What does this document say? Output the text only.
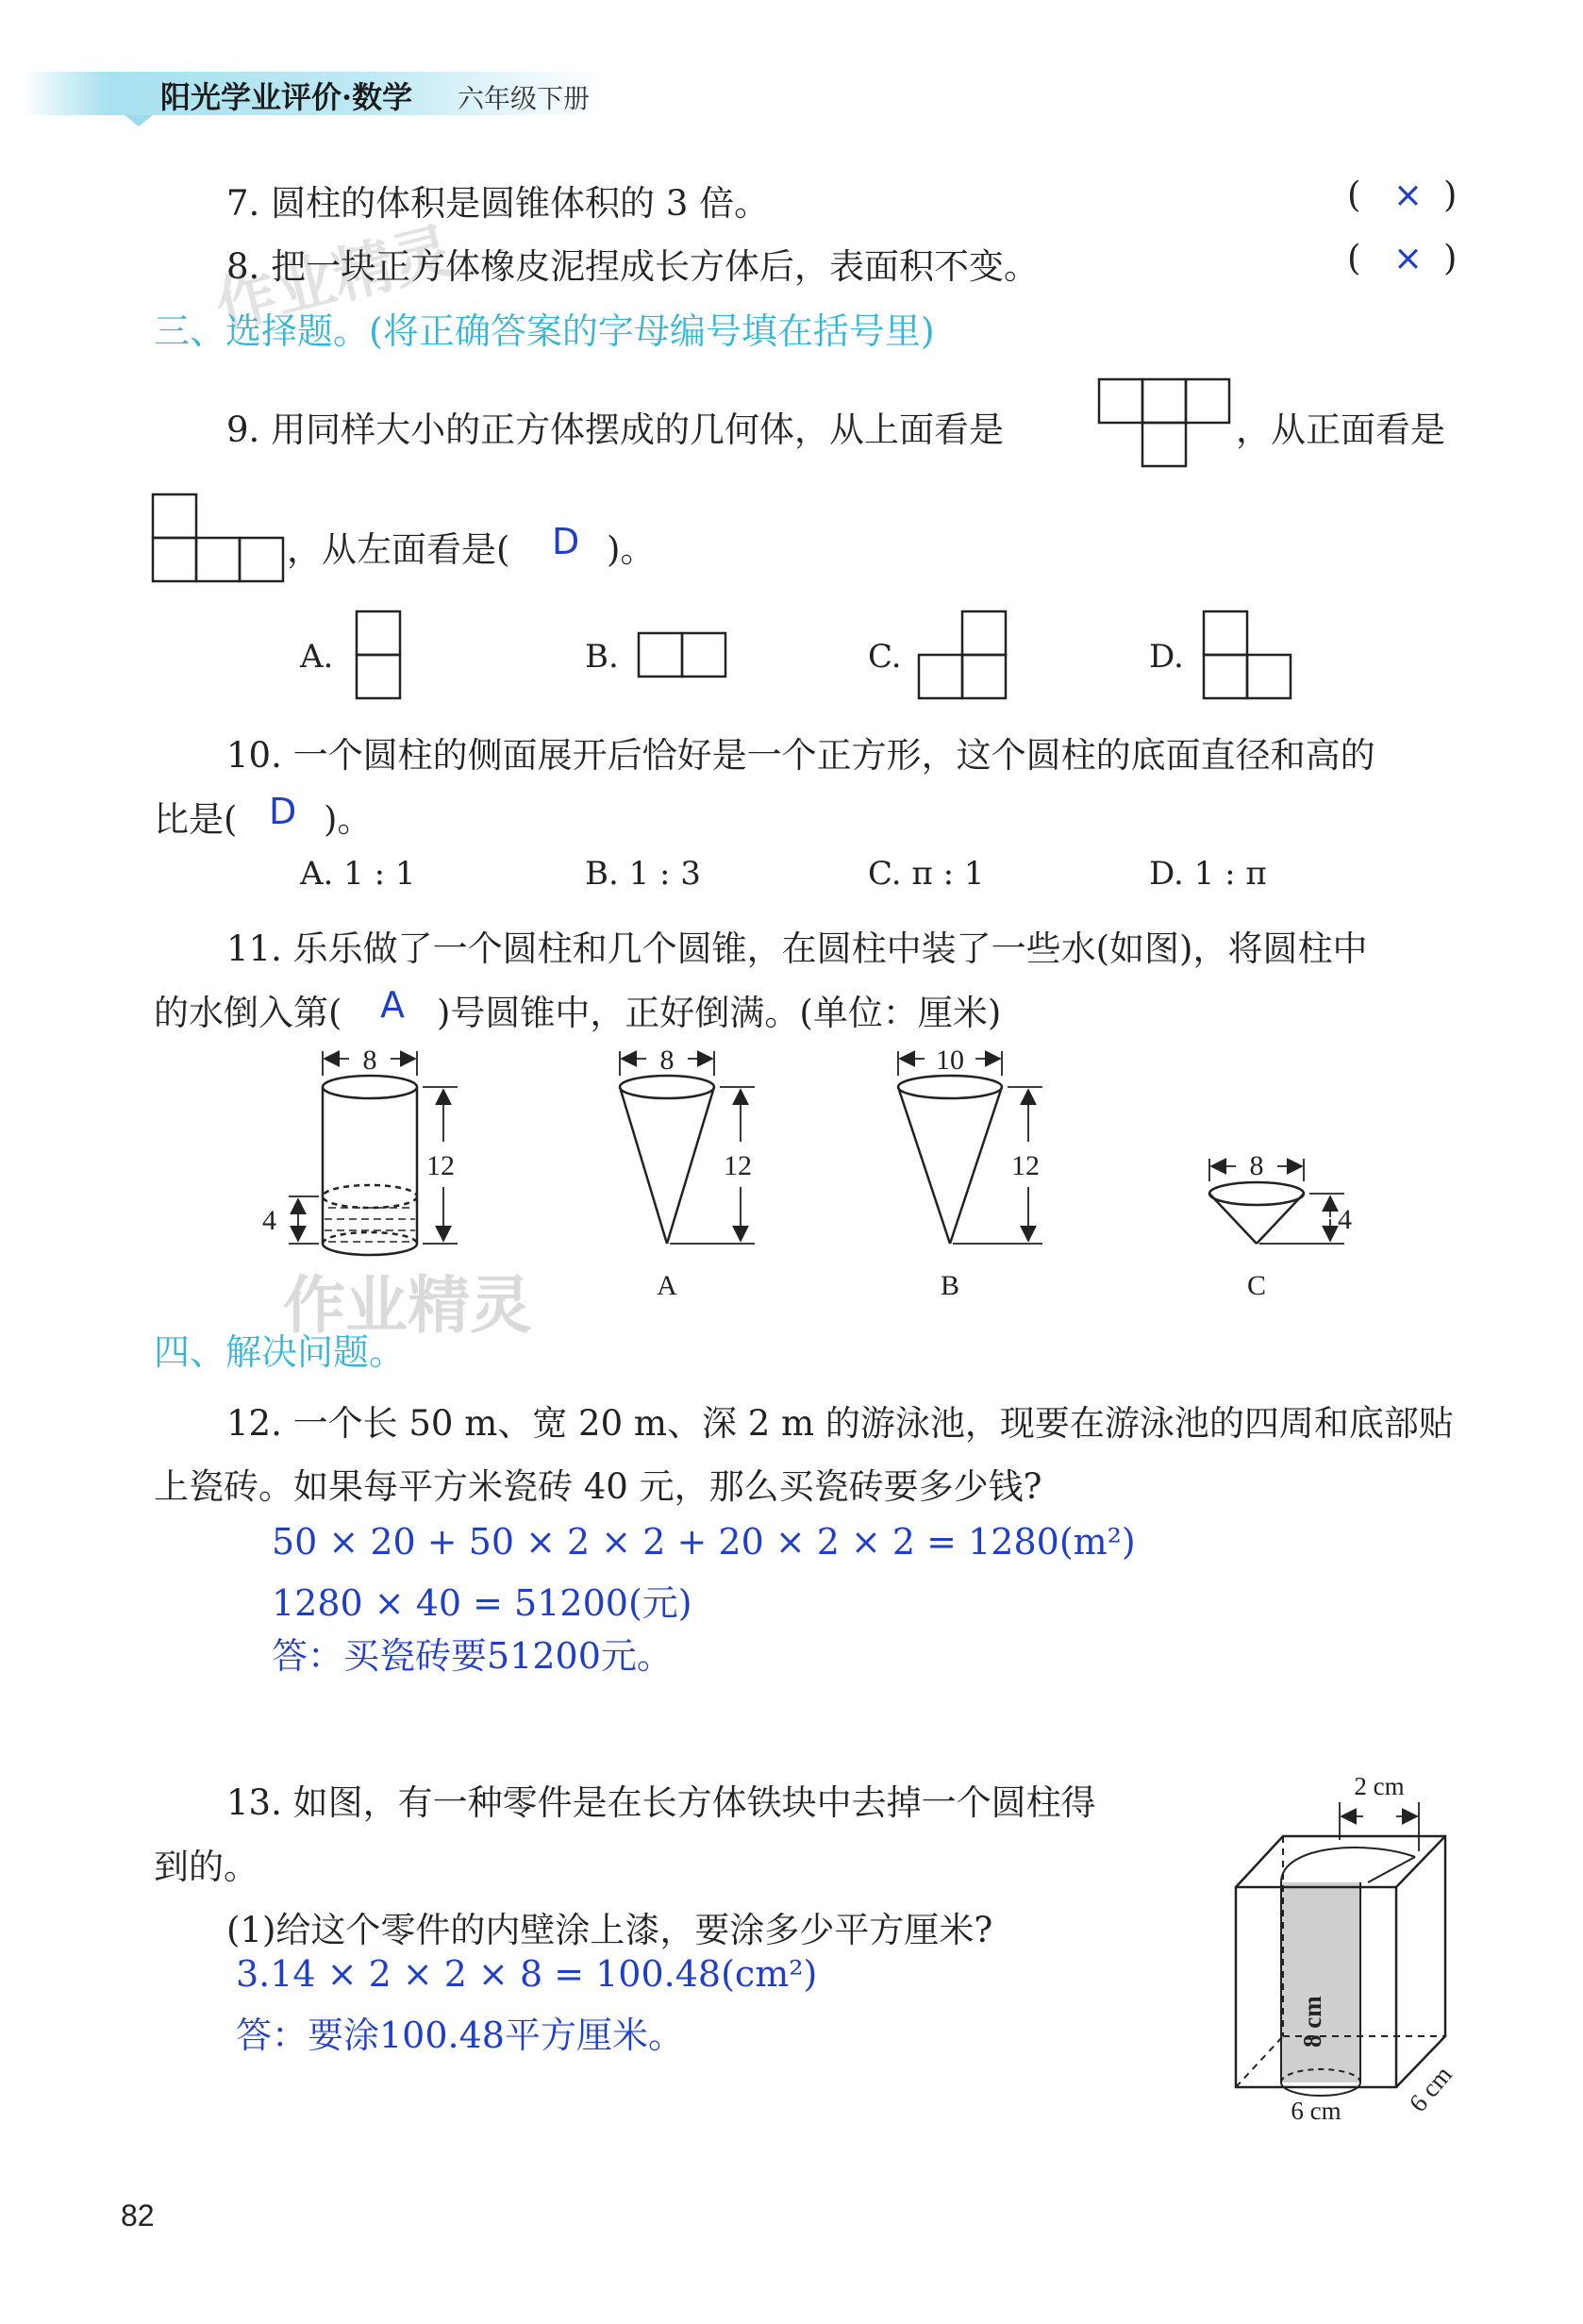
阳光学业评价·数学 六年级下册
作业精灵
作业精灵
7. 圆柱的体积是圆锥体积的 3 倍。	( × )
8. 把一块正方体橡皮泥捏成长方体后，表面积不变。	( × )
三、选择题。(将正确答案的字母编号填在括号里)
9. 用同样大小的正方体摆成的几何体，从上面看是	，从正面看是
，从左面看是( D )。
A.	B.	C.	D.
10. 一个圆柱的侧面展开后恰好是一个正方形，这个圆柱的底面直径和高的
比是( D )。
A. 1 : 1	B. 1 : 3	C. π : 1	D. 1 : π
11. 乐乐做了一个圆柱和几个圆锥，在圆柱中装了一些水(如图)，将圆柱中
的水倒入第( A )号圆锥中，正好倒满。(单位：厘米)
8
12
4
8
12
A
10
12
B
8
4
C
四、解决问题。
12. 一个长 50 m、宽 20 m、深 2 m 的游泳池，现要在游泳池的四周和底部贴
上瓷砖。如果每平方米瓷砖 40 元，那么买瓷砖要多少钱?
50 × 20 + 50 × 2 × 2 + 20 × 2 × 2 = 1280(m²)
1280 × 40 = 51200(元)
答：买瓷砖要51200元。
13. 如图，有一种零件是在长方体铁块中去掉一个圆柱得
到的。
(1)给这个零件的内壁涂上漆，要涂多少平方厘米?
3.14 × 2 × 2 × 8 = 100.48(cm²)
答：要涂100.48平方厘米。
2 cm
8 cm
6 cm
6 cm
82
